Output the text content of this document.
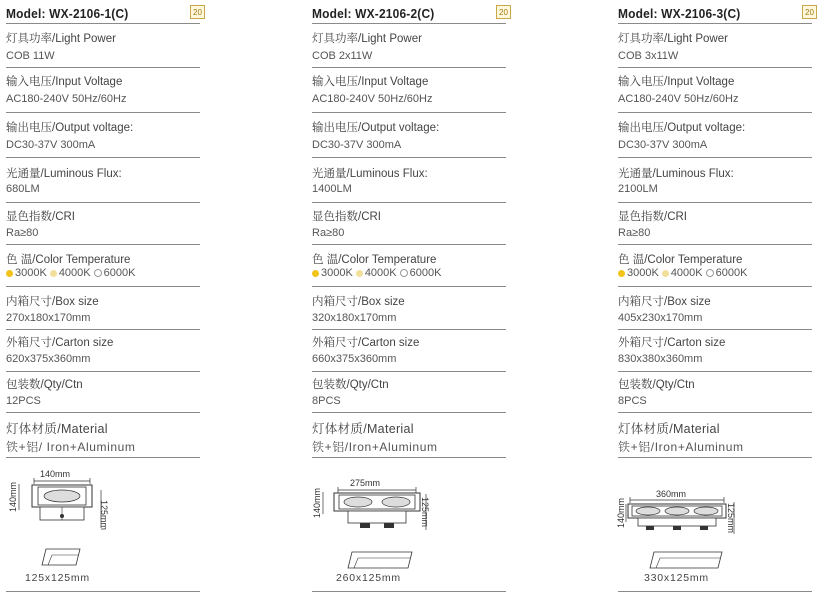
Model: WX-2106-1(C)	20
灯具功率/Light Power
COB 11W
输入电压/Input Voltage
AC180-240V 50Hz/60Hz
输出电压/Output voltage:
DC30-37V 300mA
光通量/Luminous Flux:
680LM
显色指数/CRI
Ra≥80
色 温/Color Temperature
3000K 4000K 6000K
内箱尺寸/Box size
270x180x170mm
外箱尺寸/Carton size
620x375x360mm
包装数/Qty/Ctn
12PCS
灯体材质/Material
铁+铝/ Iron+Aluminum
140mm
140mm
125mm
125x125mm
Model: WX-2106-2(C)	20
灯具功率/Light Power
COB 2x11W
输入电压/Input Voltage
AC180-240V 50Hz/60Hz
输出电压/Output voltage:
DC30-37V 300mA
光通量/Luminous Flux:
1400LM
显色指数/CRI
Ra≥80
色 温/Color Temperature
3000K 4000K 6000K
内箱尺寸/Box size
320x180x170mm
外箱尺寸/Carton size
660x375x360mm
包装数/Qty/Ctn
8PCS
灯体材质/Material
铁+铝/Iron+Aluminum
275mm
140mm	125mm
260x125mm
Model: WX-2106-3(C)	20
灯具功率/Light Power
COB 3x11W
输入电压/Input Voltage
AC180-240V 50Hz/60Hz
输出电压/Output voltage:
DC30-37V 300mA
光通量/Luminous Flux:
2100LM
显色指数/CRI
Ra≥80
色 温/Color Temperature
3000K 4000K 6000K
内箱尺寸/Box size
405x230x170mm
外箱尺寸/Carton size
830x380x360mm
包装数/Qty/Ctn
8PCS
灯体材质/Material
铁+铝/Iron+Aluminum
360mm
140mm	125mm
330x125mm
